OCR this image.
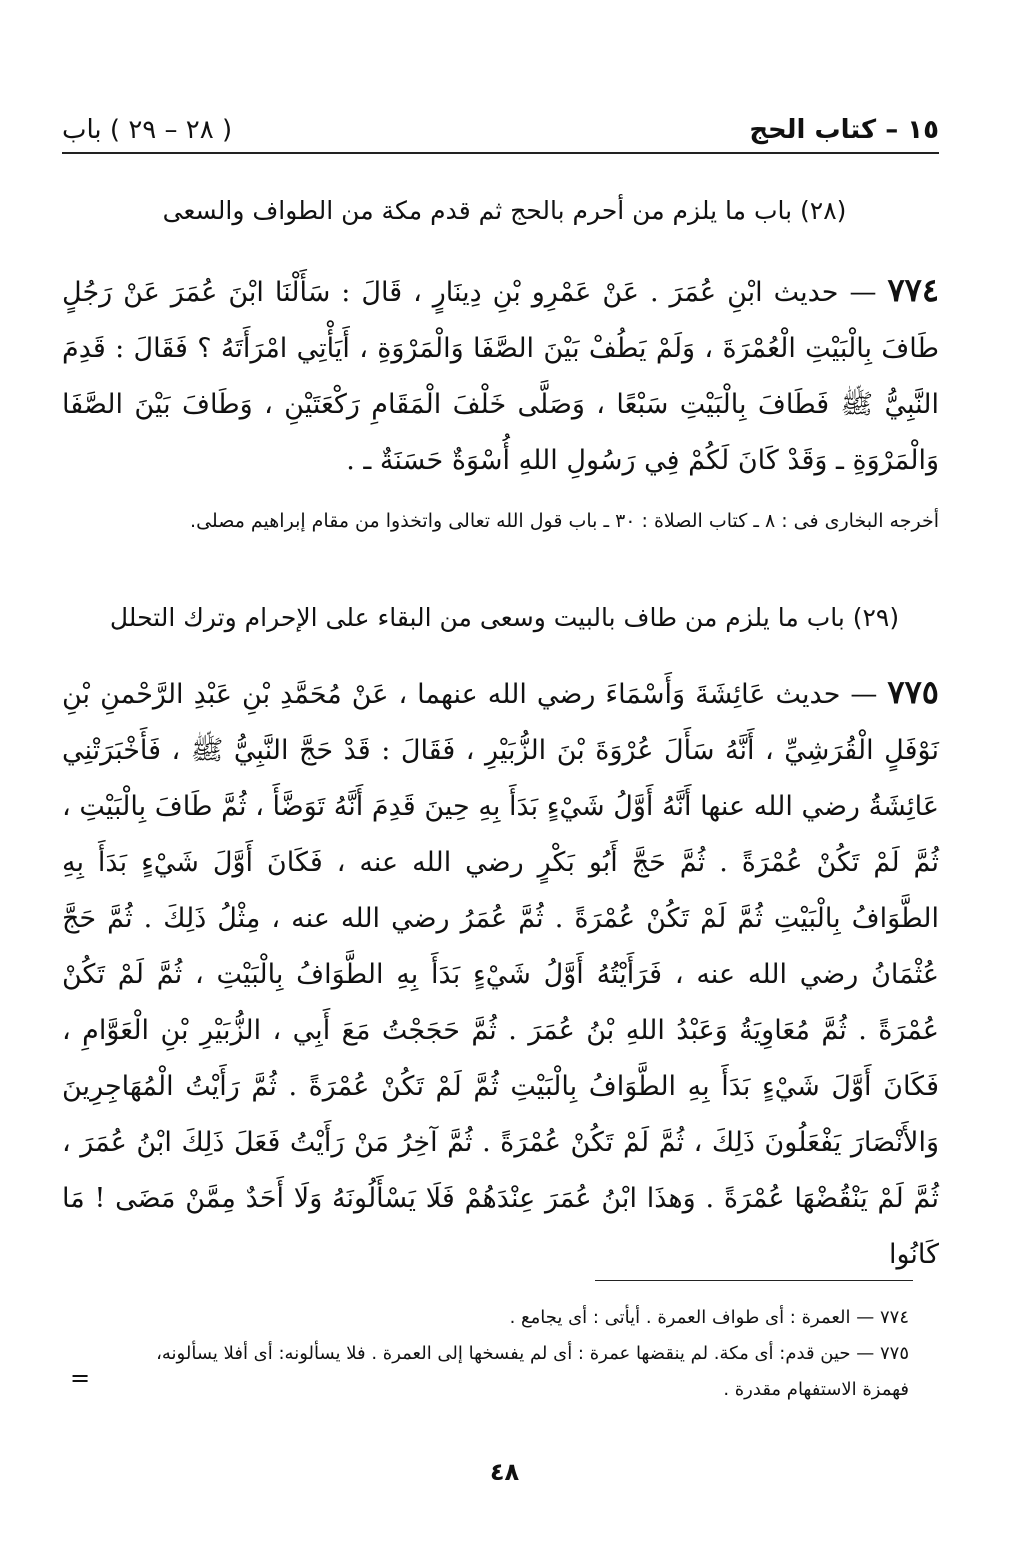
١٥ – كتاب الحج
( ٢٨ – ٢٩ ) باب
(٢٨) باب ما يلزم من أحرم بالحج ثم قدم مكة من الطواف والسعى
٧٧٤ — حديث ابْنِ عُمَرَ . عَنْ عَمْرِو بْنِ دِينَارٍ ، قَالَ : سَأَلْنَا ابْنَ عُمَرَ عَنْ رَجُلٍ طَافَ بِالْبَيْتِ الْعُمْرَةَ ، وَلَمْ يَطُفْ بَيْنَ الصَّفَا وَالْمَرْوَةِ ، أَيَأْتِي امْرَأَتَهُ ؟ فَقَالَ : قَدِمَ النَّبِيُّ ﷺ فَطَافَ بِالْبَيْتِ سَبْعًا ، وَصَلَّى خَلْفَ الْمَقَامِ رَكْعَتَيْنِ ، وَطَافَ بَيْنَ الصَّفَا وَالْمَرْوَةِ ـ وَقَدْ كَانَ لَكُمْ فِي رَسُولِ اللهِ أُسْوَةٌ حَسَنَةٌ ـ .
أخرجه البخارى فى : ٨ ـ كتاب الصلاة : ٣٠ ـ باب قول الله تعالى واتخذوا من مقام إبراهيم مصلى.
(٢٩) باب ما يلزم من طاف بالبيت وسعى من البقاء على الإحرام وترك التحلل
٧٧٥ — حديث عَائِشَةَ وَأَسْمَاءَ رضي الله عنهما ، عَنْ مُحَمَّدِ بْنِ عَبْدِ الرَّحْمنِ بْنِ نَوْفَلٍ الْقُرَشِيِّ ، أَنَّهُ سَأَلَ عُرْوَةَ بْنَ الزُّبَيْرِ ، فَقَالَ : قَدْ حَجَّ النَّبِيُّ ﷺ ، فَأَخْبَرَتْنِي عَائِشَةُ رضي الله عنها أَنَّهُ أَوَّلُ شَيْءٍ بَدَأَ بِهِ حِينَ قَدِمَ أَنَّهُ تَوَضَّأَ ، ثُمَّ طَافَ بِالْبَيْتِ ، ثُمَّ لَمْ تَكُنْ عُمْرَةً . ثُمَّ حَجَّ أَبُو بَكْرٍ رضي الله عنه ، فَكَانَ أَوَّلَ شَيْءٍ بَدَأَ بِهِ الطَّوَافُ بِالْبَيْتِ ثُمَّ لَمْ تَكُنْ عُمْرَةً . ثُمَّ عُمَرُ رضي الله عنه ، مِثْلُ ذَلِكَ . ثُمَّ حَجَّ عُثْمَانُ رضي الله عنه ، فَرَأَيْتُهُ أَوَّلُ شَيْءٍ بَدَأَ بِهِ الطَّوَافُ بِالْبَيْتِ ، ثُمَّ لَمْ تَكُنْ عُمْرَةً . ثُمَّ مُعَاوِيَةُ وَعَبْدُ اللهِ بْنُ عُمَرَ . ثُمَّ حَجَجْتُ مَعَ أَبِي ، الزُّبَيْرِ بْنِ الْعَوَّامِ ، فَكَانَ أَوَّلَ شَيْءٍ بَدَأَ بِهِ الطَّوَافُ بِالْبَيْتِ ثُمَّ لَمْ تَكُنْ عُمْرَةً . ثُمَّ رَأَيْتُ الْمُهَاجِرِينَ وَالأَنْصَارَ يَفْعَلُونَ ذَلِكَ ، ثُمَّ لَمْ تَكُنْ عُمْرَةً . ثُمَّ آخِرُ مَنْ رَأَيْتُ فَعَلَ ذَلِكَ ابْنُ عُمَرَ ، ثُمَّ لَمْ يَنْقُضْهَا عُمْرَةً . وَهذَا ابْنُ عُمَرَ عِنْدَهُمْ فَلَا يَسْأَلُونَهُ وَلَا أَحَدٌ مِمَّنْ مَضَى ! مَا كَانُوا

٧٧٤ — العمرة : أى طواف العمرة . أيأتى : أى يجامع .

٧٧٥ — حين قدم: أى مكة. لم ينقضها عمرة : أى لم يفسخها إلى العمرة . فلا يسألونه: أى أفلا يسألونه،

فهمزة الاستفهام مقدرة .

=
٤٨
